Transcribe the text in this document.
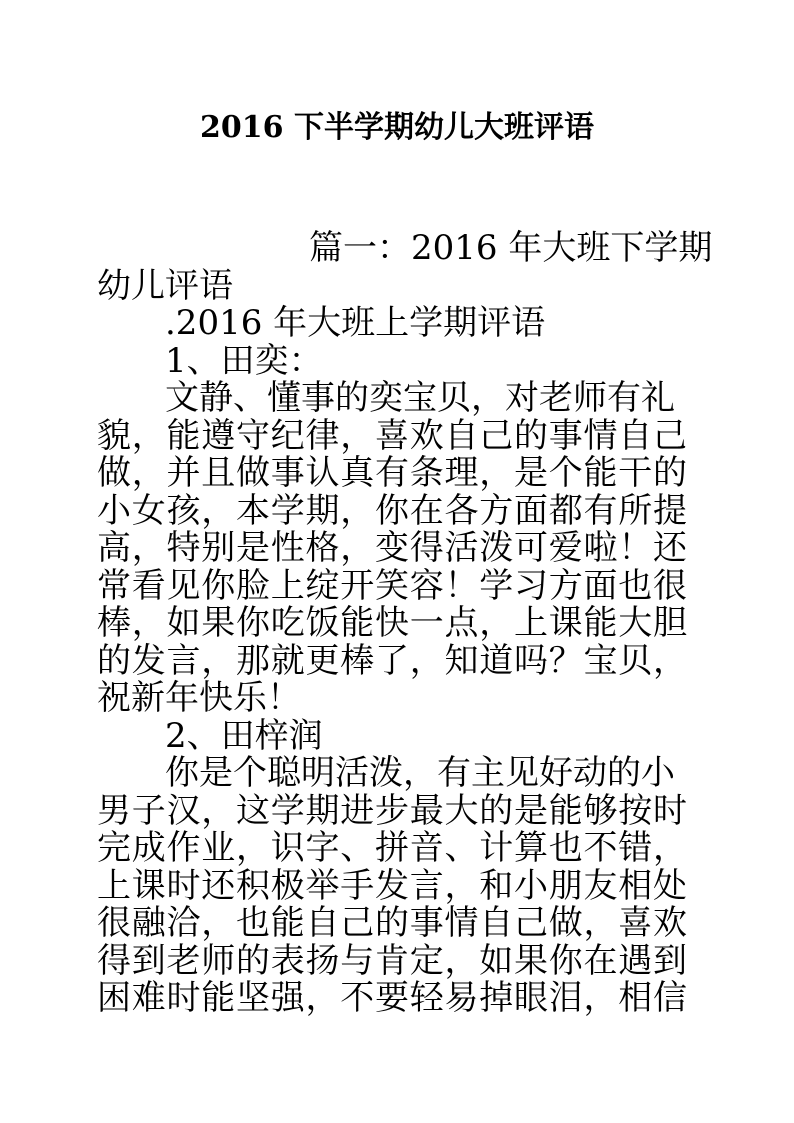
2016 下半学期幼儿大班评语
篇一：2016 年大班下学期
幼儿评语
.2016 年大班上学期评语
1、田奕：
文静、懂事的奕宝贝，对老师有礼
貌，能遵守纪律，喜欢自己的事情自己
做，并且做事认真有条理，是个能干的
小女孩，本学期，你在各方面都有所提
高，特别是性格，变得活泼可爱啦！还
常看见你脸上绽开笑容！学习方面也很
棒，如果你吃饭能快一点，上课能大胆
的发言，那就更棒了，知道吗？宝贝，
祝新年快乐！
2、田梓润
你是个聪明活泼，有主见好动的小
男子汉，这学期进步最大的是能够按时
完成作业，识字、拼音、计算也不错，
上课时还积极举手发言，和小朋友相处
很融洽，也能自己的事情自己做，喜欢
得到老师的表扬与肯定，如果你在遇到
困难时能坚强，不要轻易掉眼泪，相信
